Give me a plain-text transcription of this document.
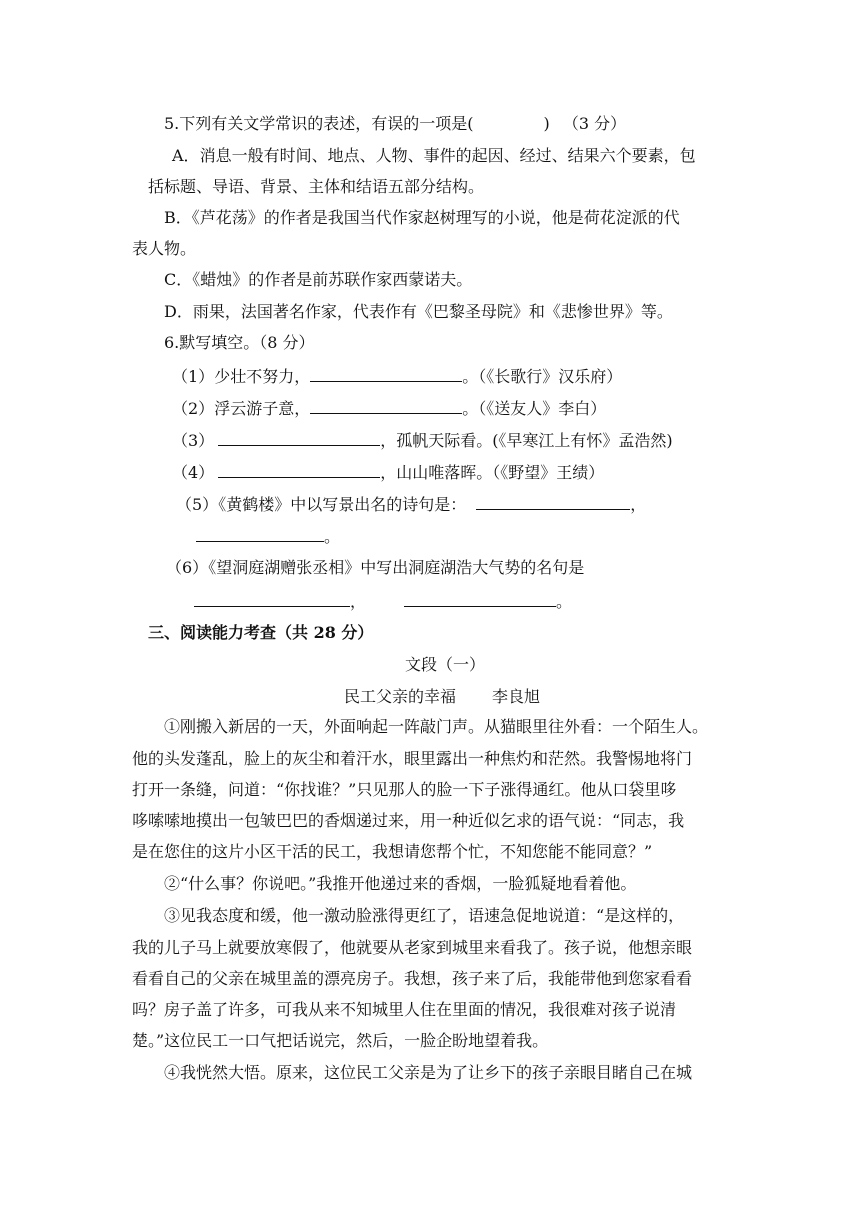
5.下列有关文学常识的表述，有误的一项是(	) （3 分）
A．消息一般有时间、地点、人物、事件的起因、经过、结果六个要素，包
括标题、导语、背景、主体和结语五部分结构。
B．《芦花荡》的作者是我国当代作家赵树理写的小说，他是荷花淀派的代
表人物。
C．《蜡烛》的作者是前苏联作家西蒙诺夫。
D．雨果，法国著名作家，代表作有《巴黎圣母院》和《悲惨世界》等。
6.默写填空。（8 分）
（1）少壮不努力，	。（《长歌行》汉乐府）
（2）浮云游子意，	。（《送友人》李白）
（3）	，孤帆天际看。(《早寒江上有怀》孟浩然)
（4）	，山山唯落晖。（《野望》王绩）
（5）《黄鹤楼》中以写景出名的诗句是：	，
。
（6）《望洞庭湖赠张丞相》中写出洞庭湖浩大气势的名句是
，	。
三、阅读能力考查（共 28 分）
文段（一）
民工父亲的幸福 李良旭
①刚搬入新居的一天，外面响起一阵敲门声。从猫眼里往外看：一个陌生人。
他的头发蓬乱，脸上的灰尘和着汗水，眼里露出一种焦灼和茫然。我警惕地将门
打开一条缝，问道：“你找谁？”只见那人的脸一下子涨得通红。他从口袋里哆
哆嗦嗦地摸出一包皱巴巴的香烟递过来，用一种近似乞求的语气说：“同志，我
是在您住的这片小区干活的民工，我想请您帮个忙，不知您能不能同意？”
②“什么事？你说吧。”我推开他递过来的香烟，一脸狐疑地看着他。
③见我态度和缓，他一激动脸涨得更红了，语速急促地说道：“是这样的，
我的儿子马上就要放寒假了，他就要从老家到城里来看我了。孩子说，他想亲眼
看看自己的父亲在城里盖的漂亮房子。我想，孩子来了后，我能带他到您家看看
吗？房子盖了许多，可我从来不知城里人住在里面的情况，我很难对孩子说清
楚。”这位民工一口气把话说完，然后，一脸企盼地望着我。
④我恍然大悟。原来，这位民工父亲是为了让乡下的孩子亲眼目睹自己在城
